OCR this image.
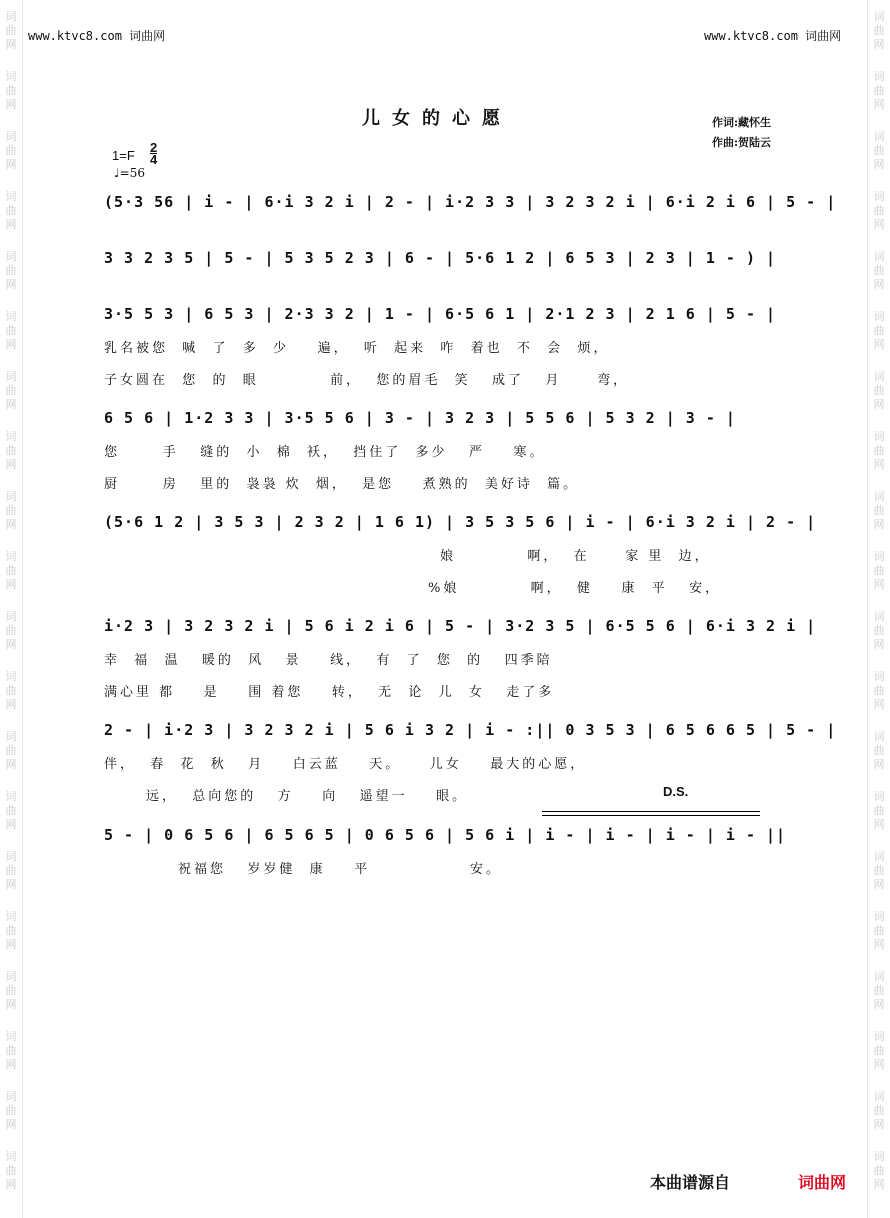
词
曲
网
词
曲
网
词
曲
网
词
曲
网
词
曲
网
词
曲
网
词
曲
网
词
曲
网
词
曲
网
词
曲
网
词
曲
网
词
曲
网
词
曲
网
词
曲
网
词
曲
网
词
曲
网
词
曲
网
词
曲
网
词
曲
网
词
曲
网
词
曲
网
词
曲
网
词
曲
网
词
曲
网
词
曲
网
词
曲
网
词
曲
网
词
曲
网
词
曲
网
词
曲
网
词
曲
网
词
曲
网
词
曲
网
词
曲
网
词
曲
网
词
曲
网
词
曲
网
词
曲
网
词
曲
网
词
曲
网
www.ktvc8.com 词曲网	www.ktvc8.com 词曲网
儿女的心愿	作词:藏怀生
作曲:贺陆云
1=F
2
4
♩=56
(5·3 56 | i - | 6·i 3 2 i | 2 - | i·2 3 3 | 3 2 3 2 i | 6·i 2 i 6 | 5 - |
3 3 2 3 5 | 5 - | 5 3 5 2 3 | 6 - | 5·6 1 2 | 6 5 3 | 2 3 | 1 - ) |
3·5 5 3 | 6 5 3 | 2·3 3 2 | 1 - | 6·5 6 1 | 2·1 2 3 | 2 1 6 | 5 - |
乳名被您  喊  了  多  少    遍，  听  起来  咋  着也  不  会  烦，
子女圆在  您  的  眼          前，  您的眉毛  笑   成了   月     弯，
6 5 6 | 1·2 3 3 | 3·5 5 6 | 3 - | 3 2 3 | 5 5 6 | 5 3 2 | 3 - |
您      手   缝的  小  棉  袄，  挡住了  多少   严    寒。
厨      房   里的  袅袅 炊  烟，  是您    煮熟的  美好诗  篇。
(5·6 1 2 | 3 5 3 | 2 3 2 | 1 6 1) | 3 5 3 5 6 | i - | 6·i 3 2 i | 2 - |
娘          啊，  在     家 里  边，
%娘          啊，  健    康  平   安，
i·2 3 | 3 2 3 2 i | 5 6 i 2 i 6 | 5 - | 3·2 3 5 | 6·5 5 6 | 6·i 3 2 i |
幸  福  温   暖的  风   景    线，  有  了  您  的   四季陪
满心里 都    是    围 着您    转，  无  论  儿  女   走了多
2 - | i·2 3 | 3 2 3 2 i | 5 6 i 3 2 | i - :|| 0 3 5 3 | 6 5 6 6 5 | 5 - |
伴，  春  花  秋   月    白云蓝    天。    儿女    最大的心愿，
远，  总向您的   方    向   遥望一    眼。	D.S.
5 - | 0 6 5 6 | 6 5 6 5 | 0 6 5 6 | 5 6 i | i - | i - | i - | i - ||
祝福您   岁岁健  康    平              安。
本曲谱源自	词曲网
